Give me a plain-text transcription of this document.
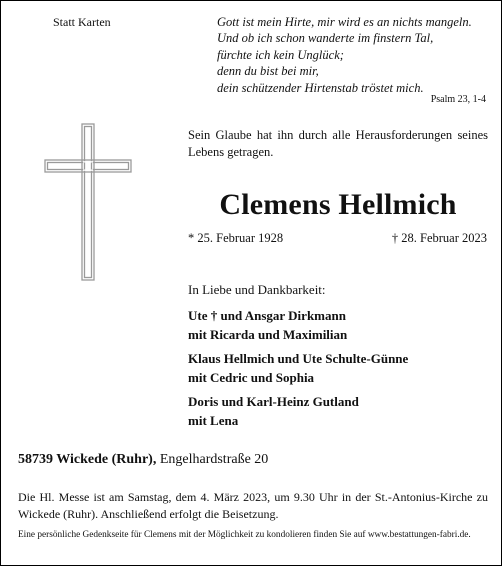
Statt Karten	Gott ist mein Hirte, mir wird es an nichts mangeln.
Und ob ich schon wanderte im finstern Tal,
fürchte ich kein Unglück;
denn du bist bei mir,
dein schützender Hirtenstab tröstet mich.
Psalm 23, 1-4
Sein Glaube hat ihn durch alle Herausforderungen seines Lebens getragen.
Clemens Hellmich
* 25. Februar 1928	† 28. Februar 2023
In Liebe und Dankbarkeit:
Ute † und Ansgar Dirkmann
mit Ricarda und Maximilian
Klaus Hellmich und Ute Schulte-Günne
mit Cedric und Sophia
Doris und Karl-Heinz Gutland
mit Lena
58739 Wickede (Ruhr), Engelhardstraße 20
Die Hl. Messe ist am Samstag, dem 4. März 2023, um 9.30 Uhr in der St.-Antonius-Kirche zu Wickede (Ruhr). Anschließend erfolgt die Beisetzung.
Eine persönliche Gedenkseite für Clemens mit der Möglichkeit zu kondolieren finden Sie auf www.bestattungen-fabri.de.
